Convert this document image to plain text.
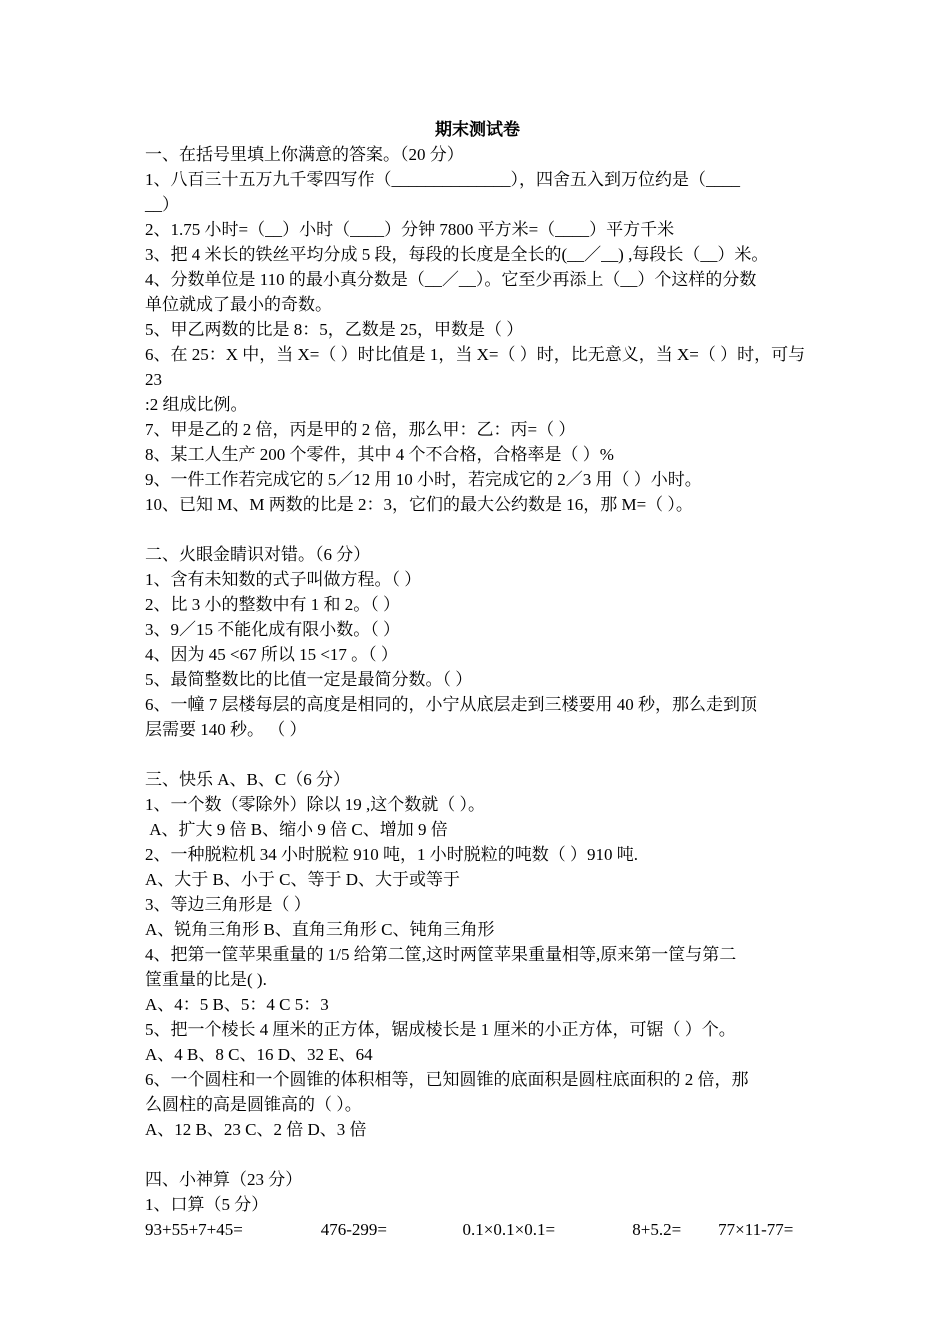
期末测试卷
一、在括号里填上你满意的答案。（20 分）
1、八百三十五万九千零四写作（______________），四舍五入到万位约是（____
__）
2、1.75 小时=（__）小时（____）分钟 7800 平方米=（____）平方千米
3、把 4 米长的铁丝平均分成 5 段，每段的长度是全长的(__／__) ,每段长（__）米。
4、分数单位是 110 的最小真分数是（__／__）。它至少再添上（__）个这样的分数
单位就成了最小的奇数。
5、甲乙两数的比是 8：5，乙数是 25，甲数是（ ）
6、在 25：X 中，当 X=（ ）时比值是 1，当 X=（ ）时，比无意义，当 X=（ ）时，可与 23
:2 组成比例。
7、甲是乙的 2 倍，丙是甲的 2 倍，那么甲：乙：丙=（ ）
8、某工人生产 200 个零件，其中 4 个不合格，合格率是（ ）%
9、一件工作若完成它的 5／12 用 10 小时，若完成它的 2／3 用（ ）小时。
10、已知 M、M 两数的比是 2：3，它们的最大公约数是 16，那 M=（ ）。
二、火眼金睛识对错。（6 分）
1、含有未知数的式子叫做方程。（ ）
2、比 3 小的整数中有 1 和 2。（ ）
3、9／15 不能化成有限小数。（ ）
4、因为 45 <67 所以 15 <17 。（ ）
5、最简整数比的比值一定是最简分数。（ ）
6、一幢 7 层楼每层的高度是相同的，小宁从底层走到三楼要用 40 秒，那么走到顶
层需要 140 秒。 （ ）
三、快乐 A、B、C（6 分）
1、一个数（零除外）除以 19 ,这个数就（ ）。
A、扩大 9 倍 B、缩小 9 倍 C、增加 9 倍
2、一种脱粒机 34 小时脱粒 910 吨，1 小时脱粒的吨数（ ）910 吨.
A、大于 B、小于 C、等于 D、大于或等于
3、等边三角形是（ ）
A、锐角三角形 B、直角三角形 C、钝角三角形
4、把第一筐苹果重量的 1/5 给第二筐,这时两筐苹果重量相等,原来第一筐与第二
筐重量的比是( ).
A、4：5 B、5：4 C 5：3
5、把一个棱长 4 厘米的正方体，锯成棱长是 1 厘米的小正方体，可锯（ ）个。
A、4 B、8 C、16 D、32 E、64
6、一个圆柱和一个圆锥的体积相等，已知圆锥的底面积是圆柱底面积的 2 倍，那
么圆柱的高是圆锥高的（ ）。
A、12 B、23 C、2 倍 D、3 倍
四、小神算（23 分）
1、口算（5 分）
93+55+7+45=	476-299=	0.1×0.1×0.1=	8+5.2=	77×11-77=
